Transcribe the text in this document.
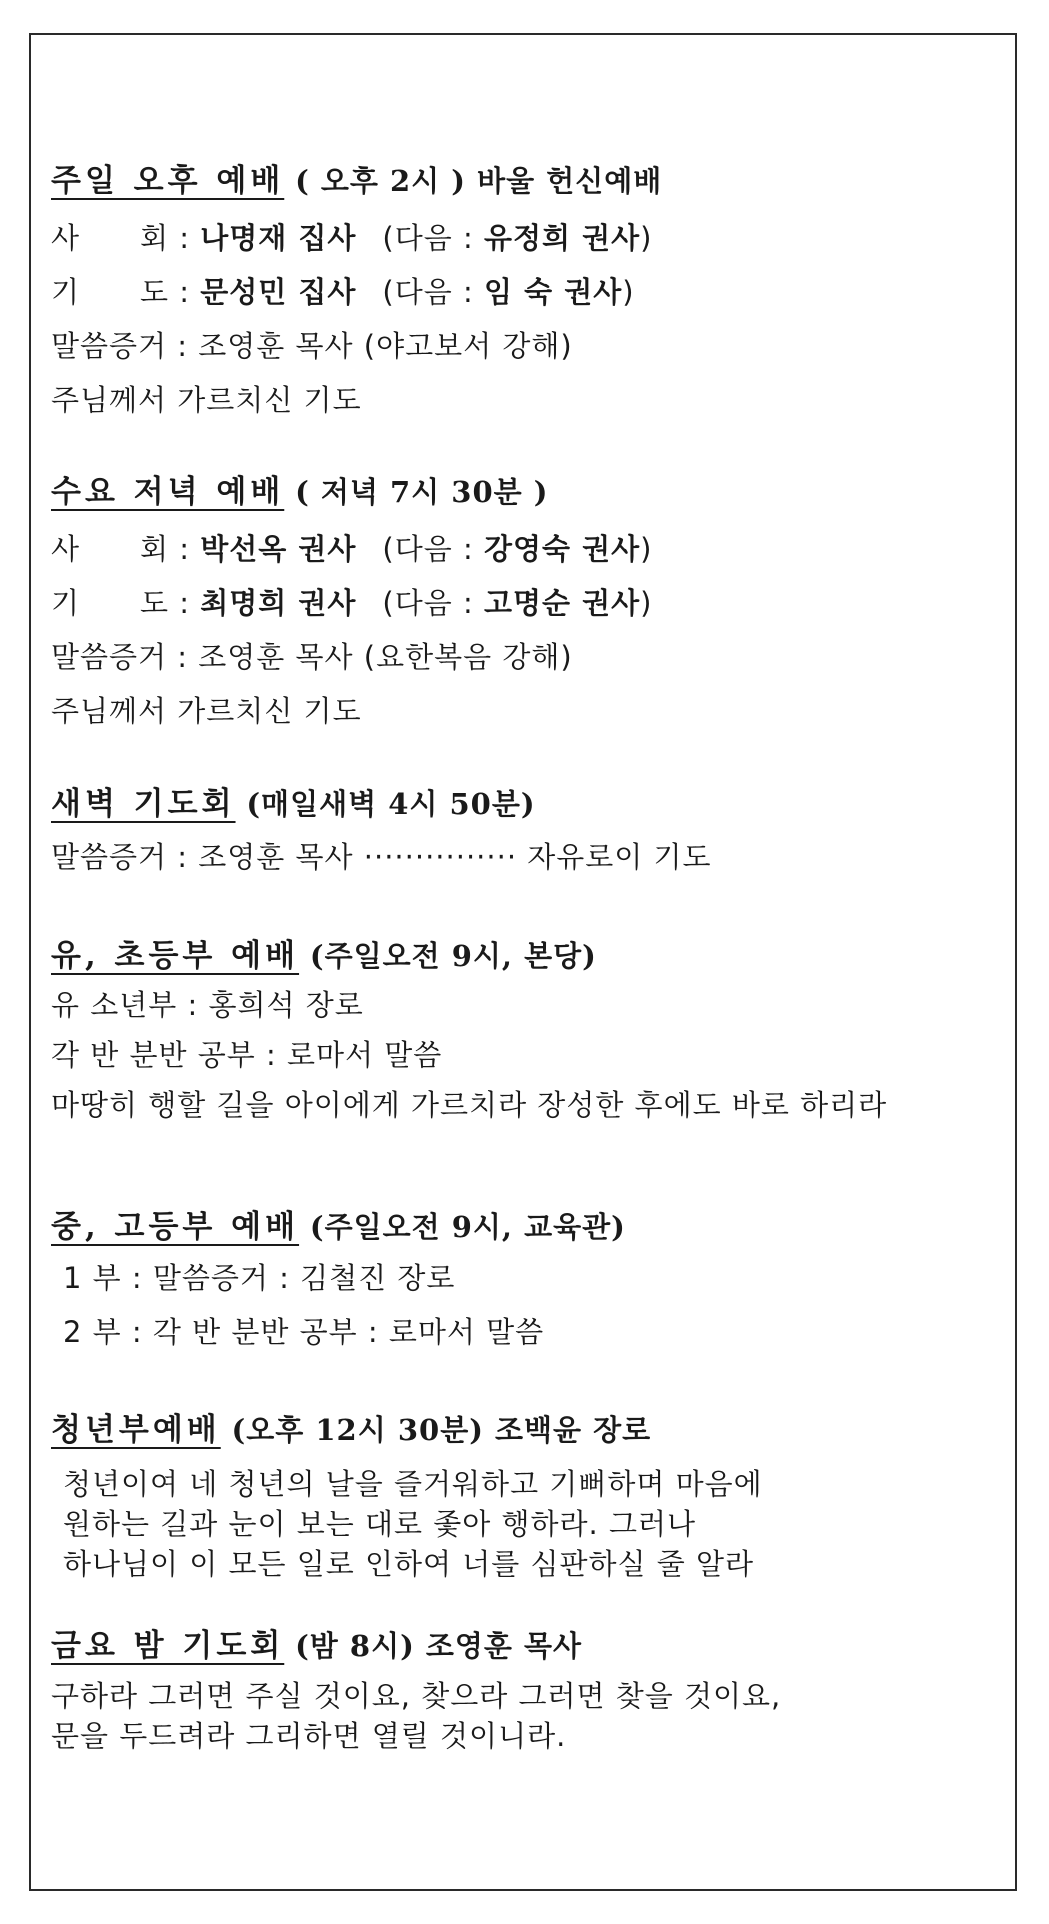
주일 오후 예배 ( 오후 2시 ) 바울 헌신예배
사 회 : 나명재 집사 (다음 : 유정희 권사)
기 도 : 문성민 집사 (다음 : 임 숙 권사)
말씀증거 : 조영훈 목사 (야고보서 강해)
주님께서 가르치신 기도
수요 저녁 예배 ( 저녁 7시 30분 )
사 회 : 박선옥 권사 (다음 : 강영숙 권사)
기 도 : 최명희 권사 (다음 : 고명순 권사)
말씀증거 : 조영훈 목사 (요한복음 강해)
주님께서 가르치신 기도
새벽 기도회 (매일새벽 4시 50분)
말씀증거 : 조영훈 목사 ··············· 자유로이 기도
유, 초등부 예배 (주일오전 9시, 본당)
유 소년부 : 홍희석 장로
각 반 분반 공부 : 로마서 말씀
마땅히 행할 길을 아이에게 가르치라 장성한 후에도 바로 하리라
중, 고등부 예배 (주일오전 9시, 교육관)
1 부 : 말씀증거 : 김철진 장로
2 부 : 각 반 분반 공부 : 로마서 말씀
청년부예배 (오후 12시 30분) 조백윤 장로
청년이여 네 청년의 날을 즐거워하고 기뻐하며 마음에
원하는 길과 눈이 보는 대로 좇아 행하라. 그러나
하나님이 이 모든 일로 인하여 너를 심판하실 줄 알라
금요 밤 기도회 (밤 8시) 조영훈 목사
구하라 그러면 주실 것이요, 찾으라 그러면 찾을 것이요,
문을 두드려라 그리하면 열릴 것이니라.
